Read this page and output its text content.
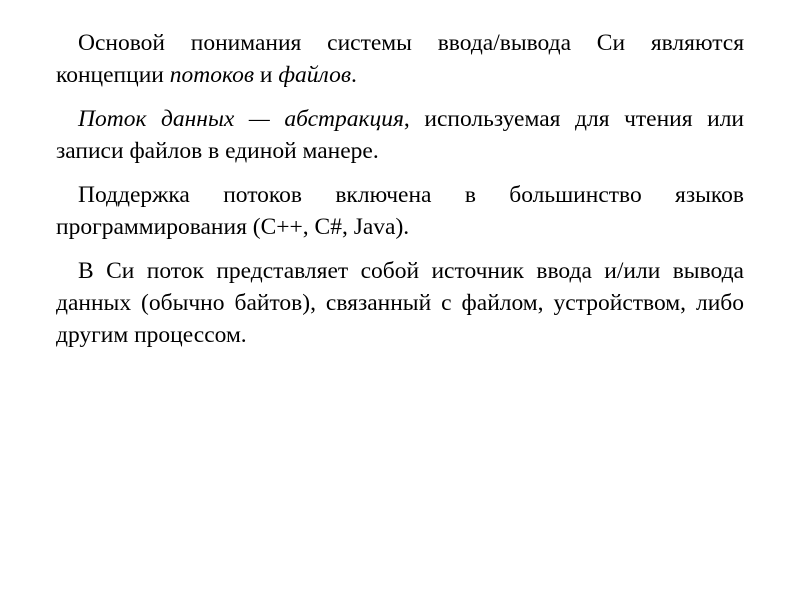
Основой понимания системы ввода/вывода Си являются концепции потоков и файлов.

Поток данных — абстракция, используемая для чтения или записи файлов в единой манере.

Поддержка потоков включена в большинство языков программирования (C++, C#, Java).

В Си поток представляет собой источник ввода и/или вывода данных (обычно байтов), связанный с файлом, устройством, либо другим процессом.
